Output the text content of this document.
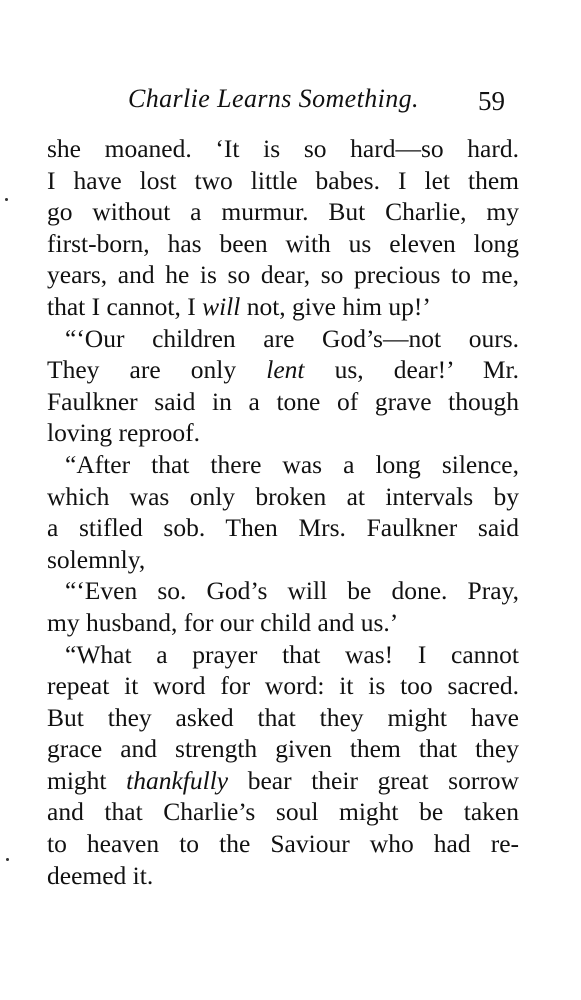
Charlie Learns Something. 59
she moaned. ‘It is so hard—so hard.
I have lost two little babes. I let them
go without a murmur. But Charlie, my
first-born, has been with us eleven long
years, and he is so dear, so precious to me,
that I cannot, I will not, give him up!’
“‘Our children are God’s—not ours.
They are only lent us, dear!’ Mr.
Faulkner said in a tone of grave though
loving reproof.
“After that there was a long silence,
which was only broken at intervals by
a stifled sob. Then Mrs. Faulkner said
solemnly,
“‘Even so. God’s will be done. Pray,
my husband, for our child and us.’
“What a prayer that was! I cannot
repeat it word for word: it is too sacred.
But they asked that they might have
grace and strength given them that they
might thankfully bear their great sorrow
and that Charlie’s soul might be taken
to heaven to the Saviour who had re-
deemed it.
